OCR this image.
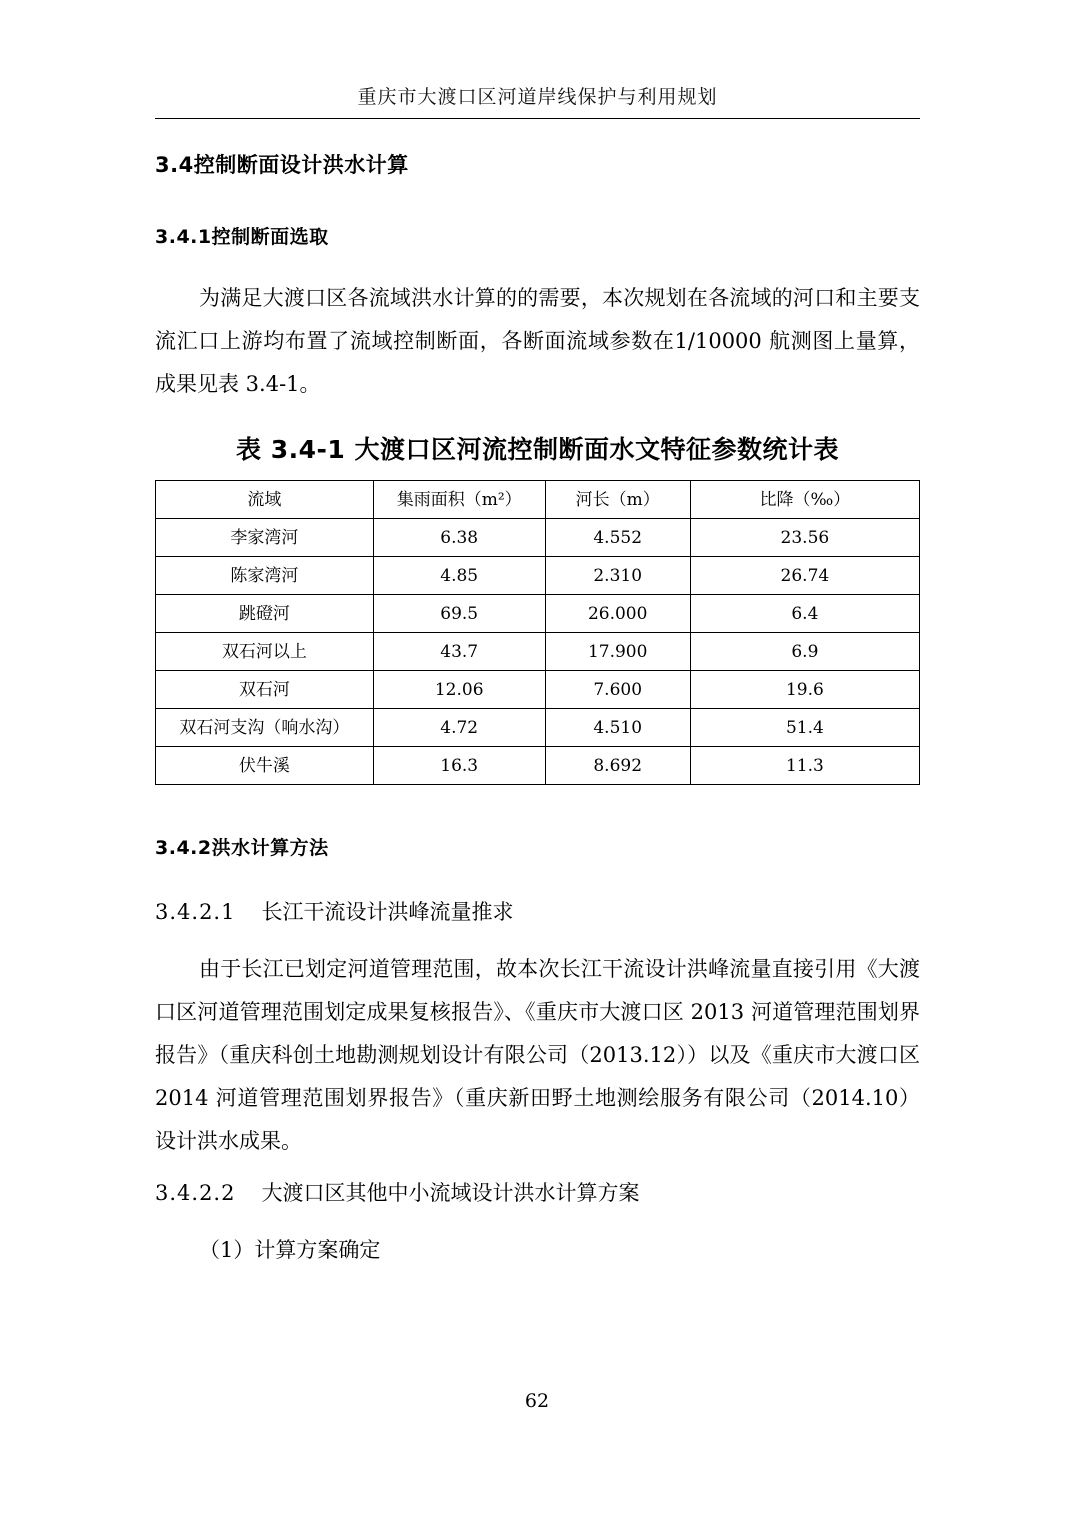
重庆市大渡口区河道岸线保护与利用规划
3.4控制断面设计洪水计算
3.4.1控制断面选取

为满足大渡口区各流域洪水计算的的需要，本次规划在各流域的河口和主要支流汇口上游均布置了流域控制断面，各断面流域参数在1/10000 航测图上量算，成果见表 3.4-1。

表 3.4-1 大渡口区河流控制断面水文特征参数统计表
流域	集雨面积（m²）	河长（m）	比降（‰）
李家湾河	6.38	4.552	23.56
陈家湾河	4.85	2.310	26.74
跳磴河	69.5	26.000	6.4
双石河以上	43.7	17.900	6.9
双石河	12.06	7.600	19.6
双石河支沟（响水沟）	4.72	4.510	51.4
伏牛溪	16.3	8.692	11.3
3.4.2洪水计算方法
3.4.2.1 长江干流设计洪峰流量推求

由于长江已划定河道管理范围，故本次长江干流设计洪峰流量直接引用《大渡口区河道管理范围划定成果复核报告》、《重庆市大渡口区 2013 河道管理范围划界报告》（重庆科创土地勘测规划设计有限公司（2013.12））以及《重庆市大渡口区 2014 河道管理范围划界报告》（重庆新田野土地测绘服务有限公司（2014.10）设计洪水成果。

3.4.2.2 大渡口区其他中小流域设计洪水计算方案

（1）计算方案确定

62
